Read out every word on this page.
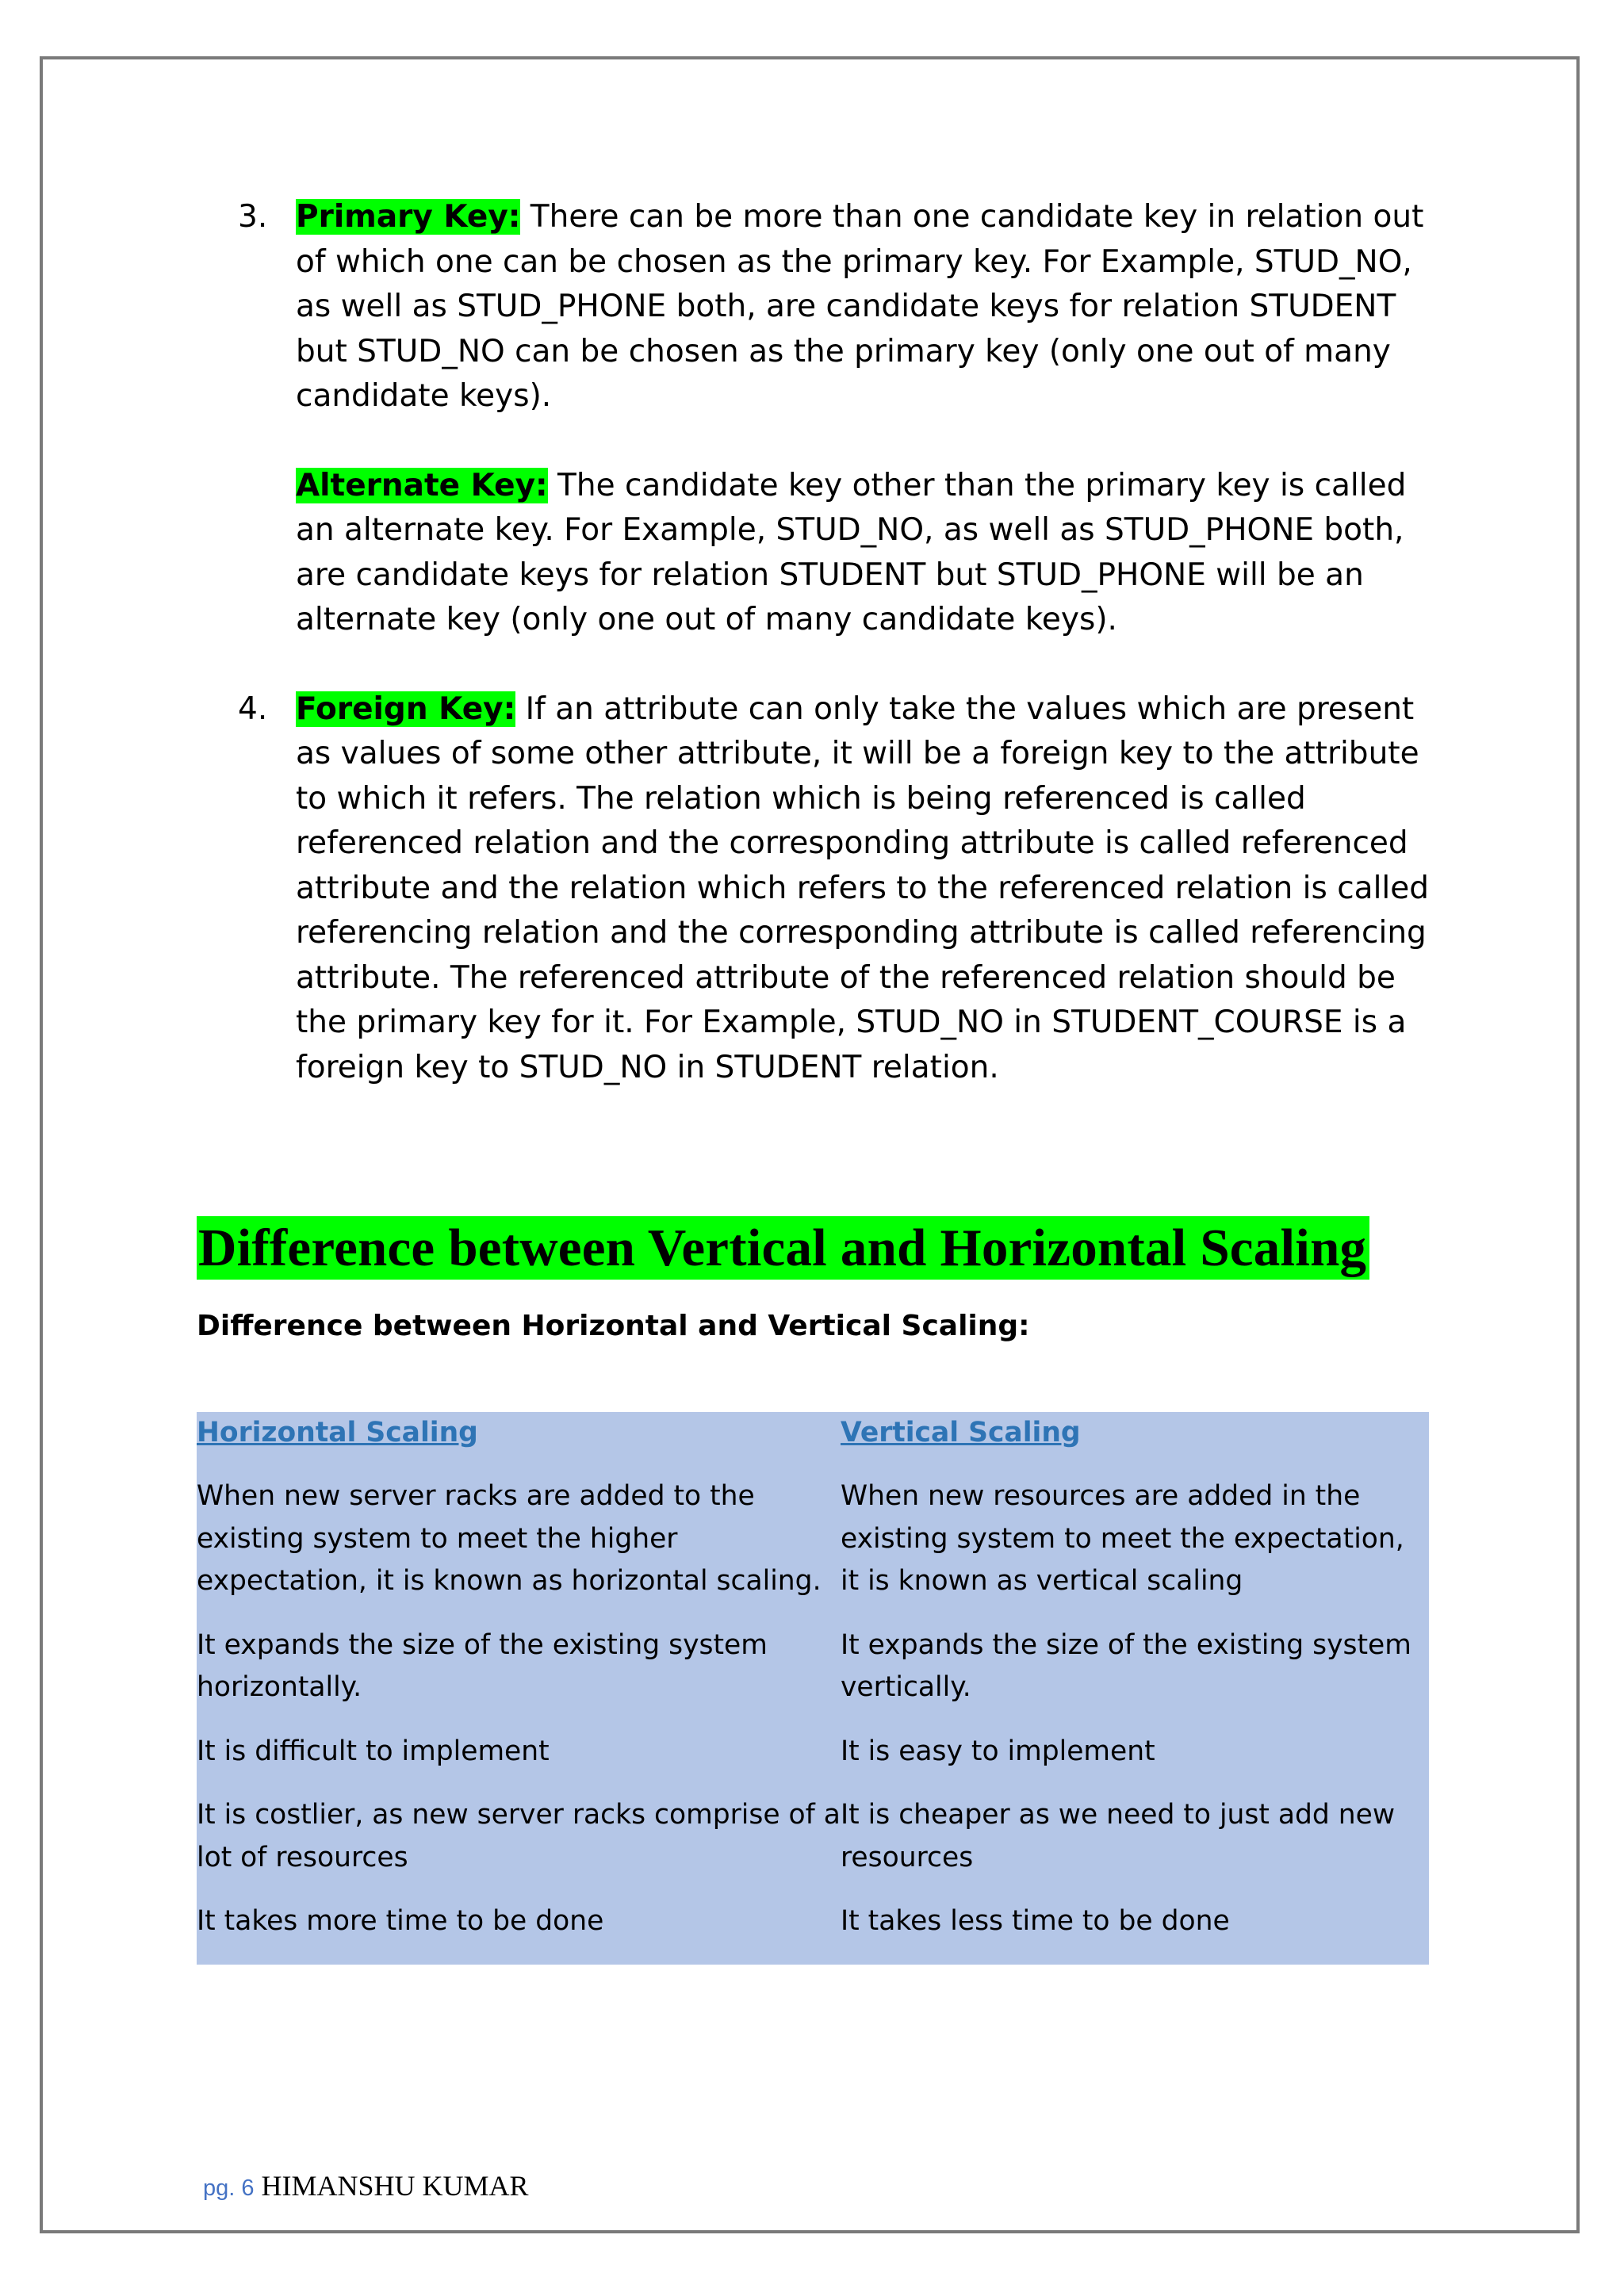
3. Primary Key: There can be more than one candidate key in relation out of which one can be chosen as the primary key. For Example, STUD_NO, as well as STUD_PHONE both, are candidate keys for relation STUDENT but STUD_NO can be chosen as the primary key (only one out of many candidate keys).

Alternate Key: The candidate key other than the primary key is called an alternate key. For Example, STUD_NO, as well as STUD_PHONE both, are candidate keys for relation STUDENT but STUD_PHONE will be an alternate key (only one out of many candidate keys).

4. Foreign Key: If an attribute can only take the values which are present as values of some other attribute, it will be a foreign key to the attribute to which it refers. The relation which is being referenced is called referenced relation and the corresponding attribute is called referenced attribute and the relation which refers to the referenced relation is called referencing relation and the corresponding attribute is called referencing attribute. The referenced attribute of the referenced relation should be the primary key for it. For Example, STUD_NO in STUDENT_COURSE is a foreign key to STUD_NO in STUDENT relation.

Difference between Vertical and Horizontal Scaling
Difference between Horizontal and Vertical Scaling:
Horizontal Scaling	Vertical Scaling
When new server racks are added to the existing system to meet the higher expectation, it is known as horizontal scaling.	When new resources are added in the existing system to meet the expectation, it is known as vertical scaling
It expands the size of the existing system horizontally.	It expands the size of the existing system vertically.
It is difficult to implement	It is easy to implement
It is costlier, as new server racks comprise of a lot of resources	It is cheaper as we need to just add new resources
It takes more time to be done	It takes less time to be done
pg. 6 HIMANSHU KUMAR
